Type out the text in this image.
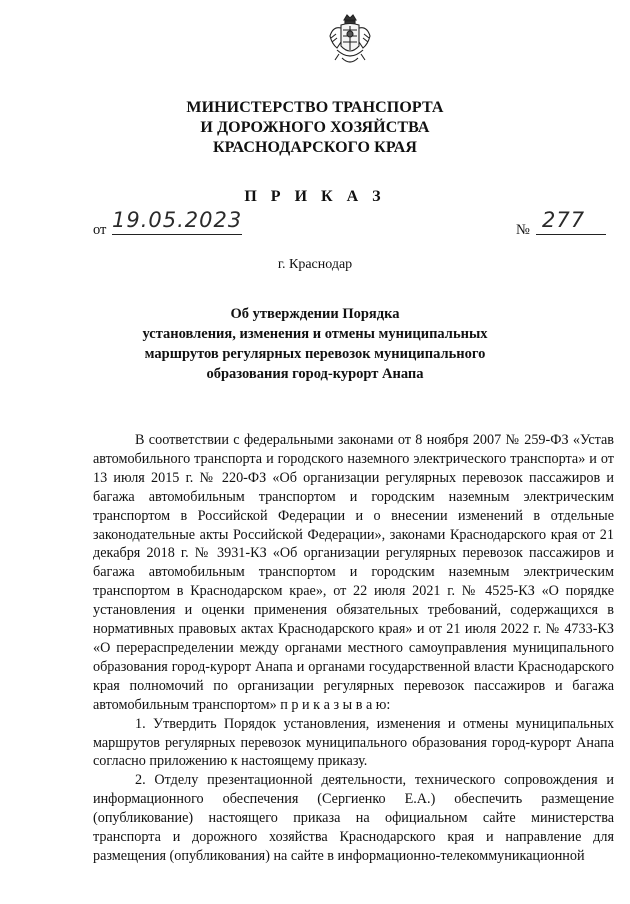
МИНИСТЕРСТВО ТРАНСПОРТА
И ДОРОЖНОГО ХОЗЯЙСТВА
КРАСНОДАРСКОГО КРАЯ
П Р И К А З
от 19.05.2023	№ 277
г. Краснодар
Об утверждении Порядка
установления, изменения и отмены муниципальных
маршрутов регулярных перевозок муниципального
образования город-курорт Анапа

В соответствии с федеральными законами от 8 ноября 2007 № 259-ФЗ «Устав автомобильного транспорта и городского наземного электрического транспорта» и от 13 июля 2015 г. № 220-ФЗ «Об организации регулярных перевозок пассажиров и багажа автомобильным транспортом и городским наземным электрическим транспортом в Российской Федерации и о внесении изменений в отдельные законодательные акты Российской Федерации», законами Краснодарского края от 21 декабря 2018 г. № 3931-КЗ «Об организации регулярных перевозок пассажиров и багажа автомобильным транспортом и городским наземным электрическим транспортом в Краснодарском крае», от 22 июля 2021 г. № 4525-КЗ «О порядке установления и оценки применения обязательных требований, содержащихся в нормативных правовых актах Краснодарского края» и от 21 июля 2022 г. № 4733-КЗ «О перераспределении между органами местного самоуправления муниципального образования город-курорт Анапа и органами государственной власти Краснодарского края полномочий по организации регулярных перевозок пассажиров и багажа автомобильным транспортом» п р и к а з ы в а ю:

1. Утвердить Порядок установления, изменения и отмены муниципальных маршрутов регулярных перевозок муниципального образования город-курорт Анапа согласно приложению к настоящему приказу.

2. Отделу презентационной деятельности, технического сопровождения и информационного обеспечения (Сергиенко Е.А.) обеспечить размещение (опубликование) настоящего приказа на официальном сайте министерства транспорта и дорожного хозяйства Краснодарского края и направление для размещения (опубликования) на сайте в информационно-телекоммуникационной
